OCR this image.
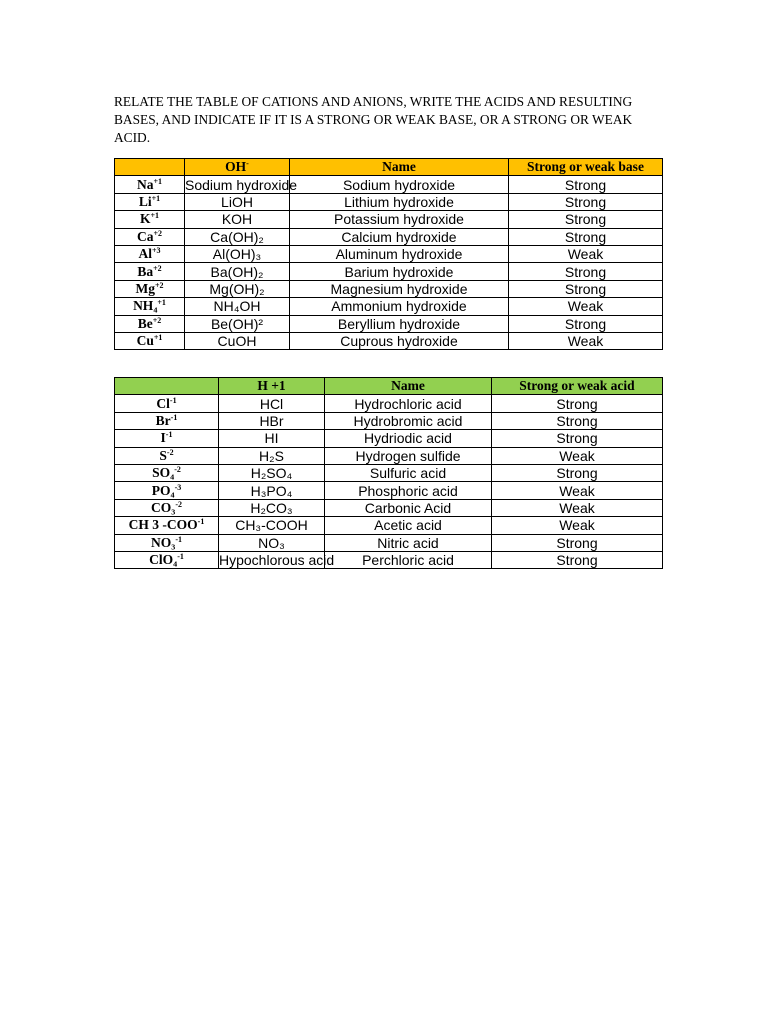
RELATE THE TABLE OF CATIONS AND ANIONS, WRITE THE ACIDS AND RESULTING BASES, AND INDICATE IF IT IS A STRONG OR WEAK BASE, OR A STRONG OR WEAK ACID.
	OH-	Name	Strong or weak base
$Na^{+1}$	Sodium hydroxide	Sodium hydroxide	Strong
$Li^{+1}$	LiOH	Lithium hydroxide	Strong
$K^{+1}$	KOH	Potassium hydroxide	Strong
$Ca^{+2}$	Ca(OH)₂	Calcium hydroxide	Strong
$Al^{+3}$	Al(OH)₃	Aluminum hydroxide	Weak
$Ba^{+2}$	Ba(OH)₂	Barium hydroxide	Strong
$Mg^{+2}$	Mg(OH)₂	Magnesium hydroxide	Strong
NH₄$^{+1}$	NH₄OH	Ammonium hydroxide	Weak
$Be^{+2}$	Be(OH)²	Beryllium hydroxide	Strong
$Cu^{+1}$	CuOH	Cuprous hydroxide	Weak
	H +1	Name	Strong or weak acid
$Cl^{-1}$	HCl	Hydrochloric acid	Strong
$Br^{-1}$	HBr	Hydrobromic acid	Strong
$I^{-1}$	HI	Hydriodic acid	Strong
$S^{-2}$	H₂S	Hydrogen sulfide	Weak
SO₄$^{-2}$	H₂SO₄	Sulfuric acid	Strong
PO₄$^{-3}$	H₃PO₄	Phosphoric acid	Weak
CO₃$^{-2}$	H₂CO₃	Carbonic Acid	Weak
CH 3 $-COO^{-1}$	CH₃-COOH	Acetic acid	Weak
NO₃$^{-1}$	NO₃	Nitric acid	Strong
ClO₄$^{-1}$	Hypochlorous acid	Perchloric acid	Strong
